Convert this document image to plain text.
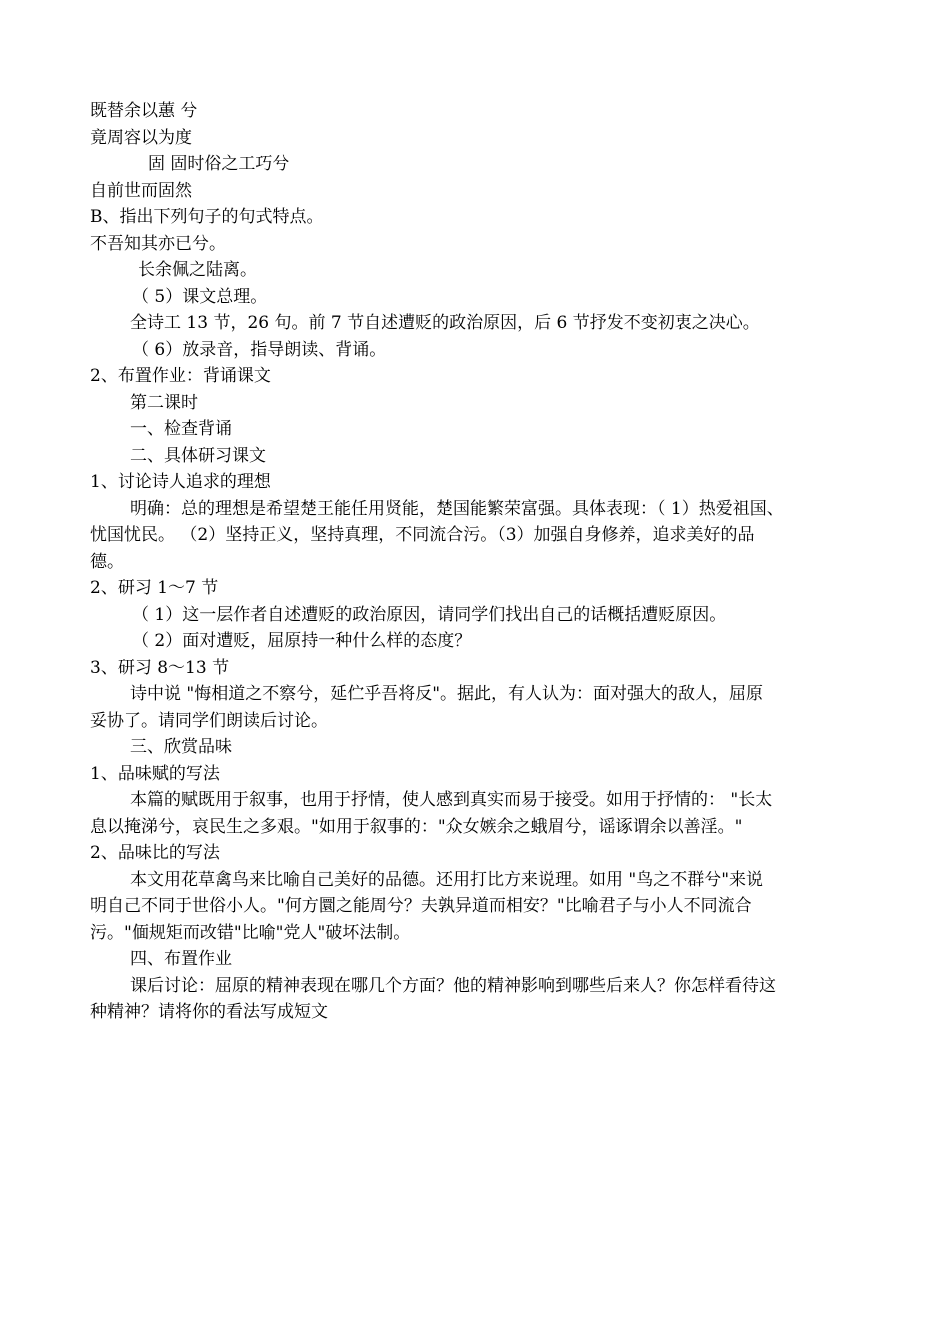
既替余以蕙 兮
竟周容以为度
固 固时俗之工巧兮
自前世而固然
B、指出下列句子的句式特点。
不吾知其亦已兮。
长余佩之陆离。
（ 5）课文总理。
全诗工 13 节，26 句。前 7 节自述遭贬的政治原因，后 6 节抒发不变初衷之决心。
（ 6）放录音，指导朗读、背诵。
2、布置作业：背诵课文
第二课时
一、检查背诵
二、具体研习课文
1、讨论诗人追求的理想
明确：总的理想是希望楚王能任用贤能，楚国能繁荣富强。具体表现：（ 1）热爱祖国、
忧国忧民。 （2）坚持正义，坚持真理，不同流合污。（3）加强自身修养，追求美好的品
德。
2、研习 1～7 节
（ 1）这一层作者自述遭贬的政治原因，请同学们找出自己的话概括遭贬原因。
（ 2）面对遭贬，屈原持一种什么样的态度？
3、研习 8～13 节
诗中说 "悔相道之不察兮，延伫乎吾将反"。据此，有人认为：面对强大的敌人，屈原
妥协了。请同学们朗读后讨论。
三、欣赏品味
1、品味赋的写法
本篇的赋既用于叙事，也用于抒情，使人感到真实而易于接受。如用于抒情的： "长太
息以掩涕兮，哀民生之多艰。"如用于叙事的："众女嫉余之蛾眉兮，谣诼谓余以善淫。"
2、品味比的写法
本文用花草禽鸟来比喻自己美好的品德。还用打比方来说理。如用 "鸟之不群兮"来说
明自己不同于世俗小人。"何方圜之能周兮？夫孰异道而相安？"比喻君子与小人不同流合
污。"偭规矩而改错"比喻"党人"破坏法制。
四、布置作业
课后讨论：屈原的精神表现在哪几个方面？他的精神影响到哪些后来人？你怎样看待这
种精神？请将你的看法写成短文
